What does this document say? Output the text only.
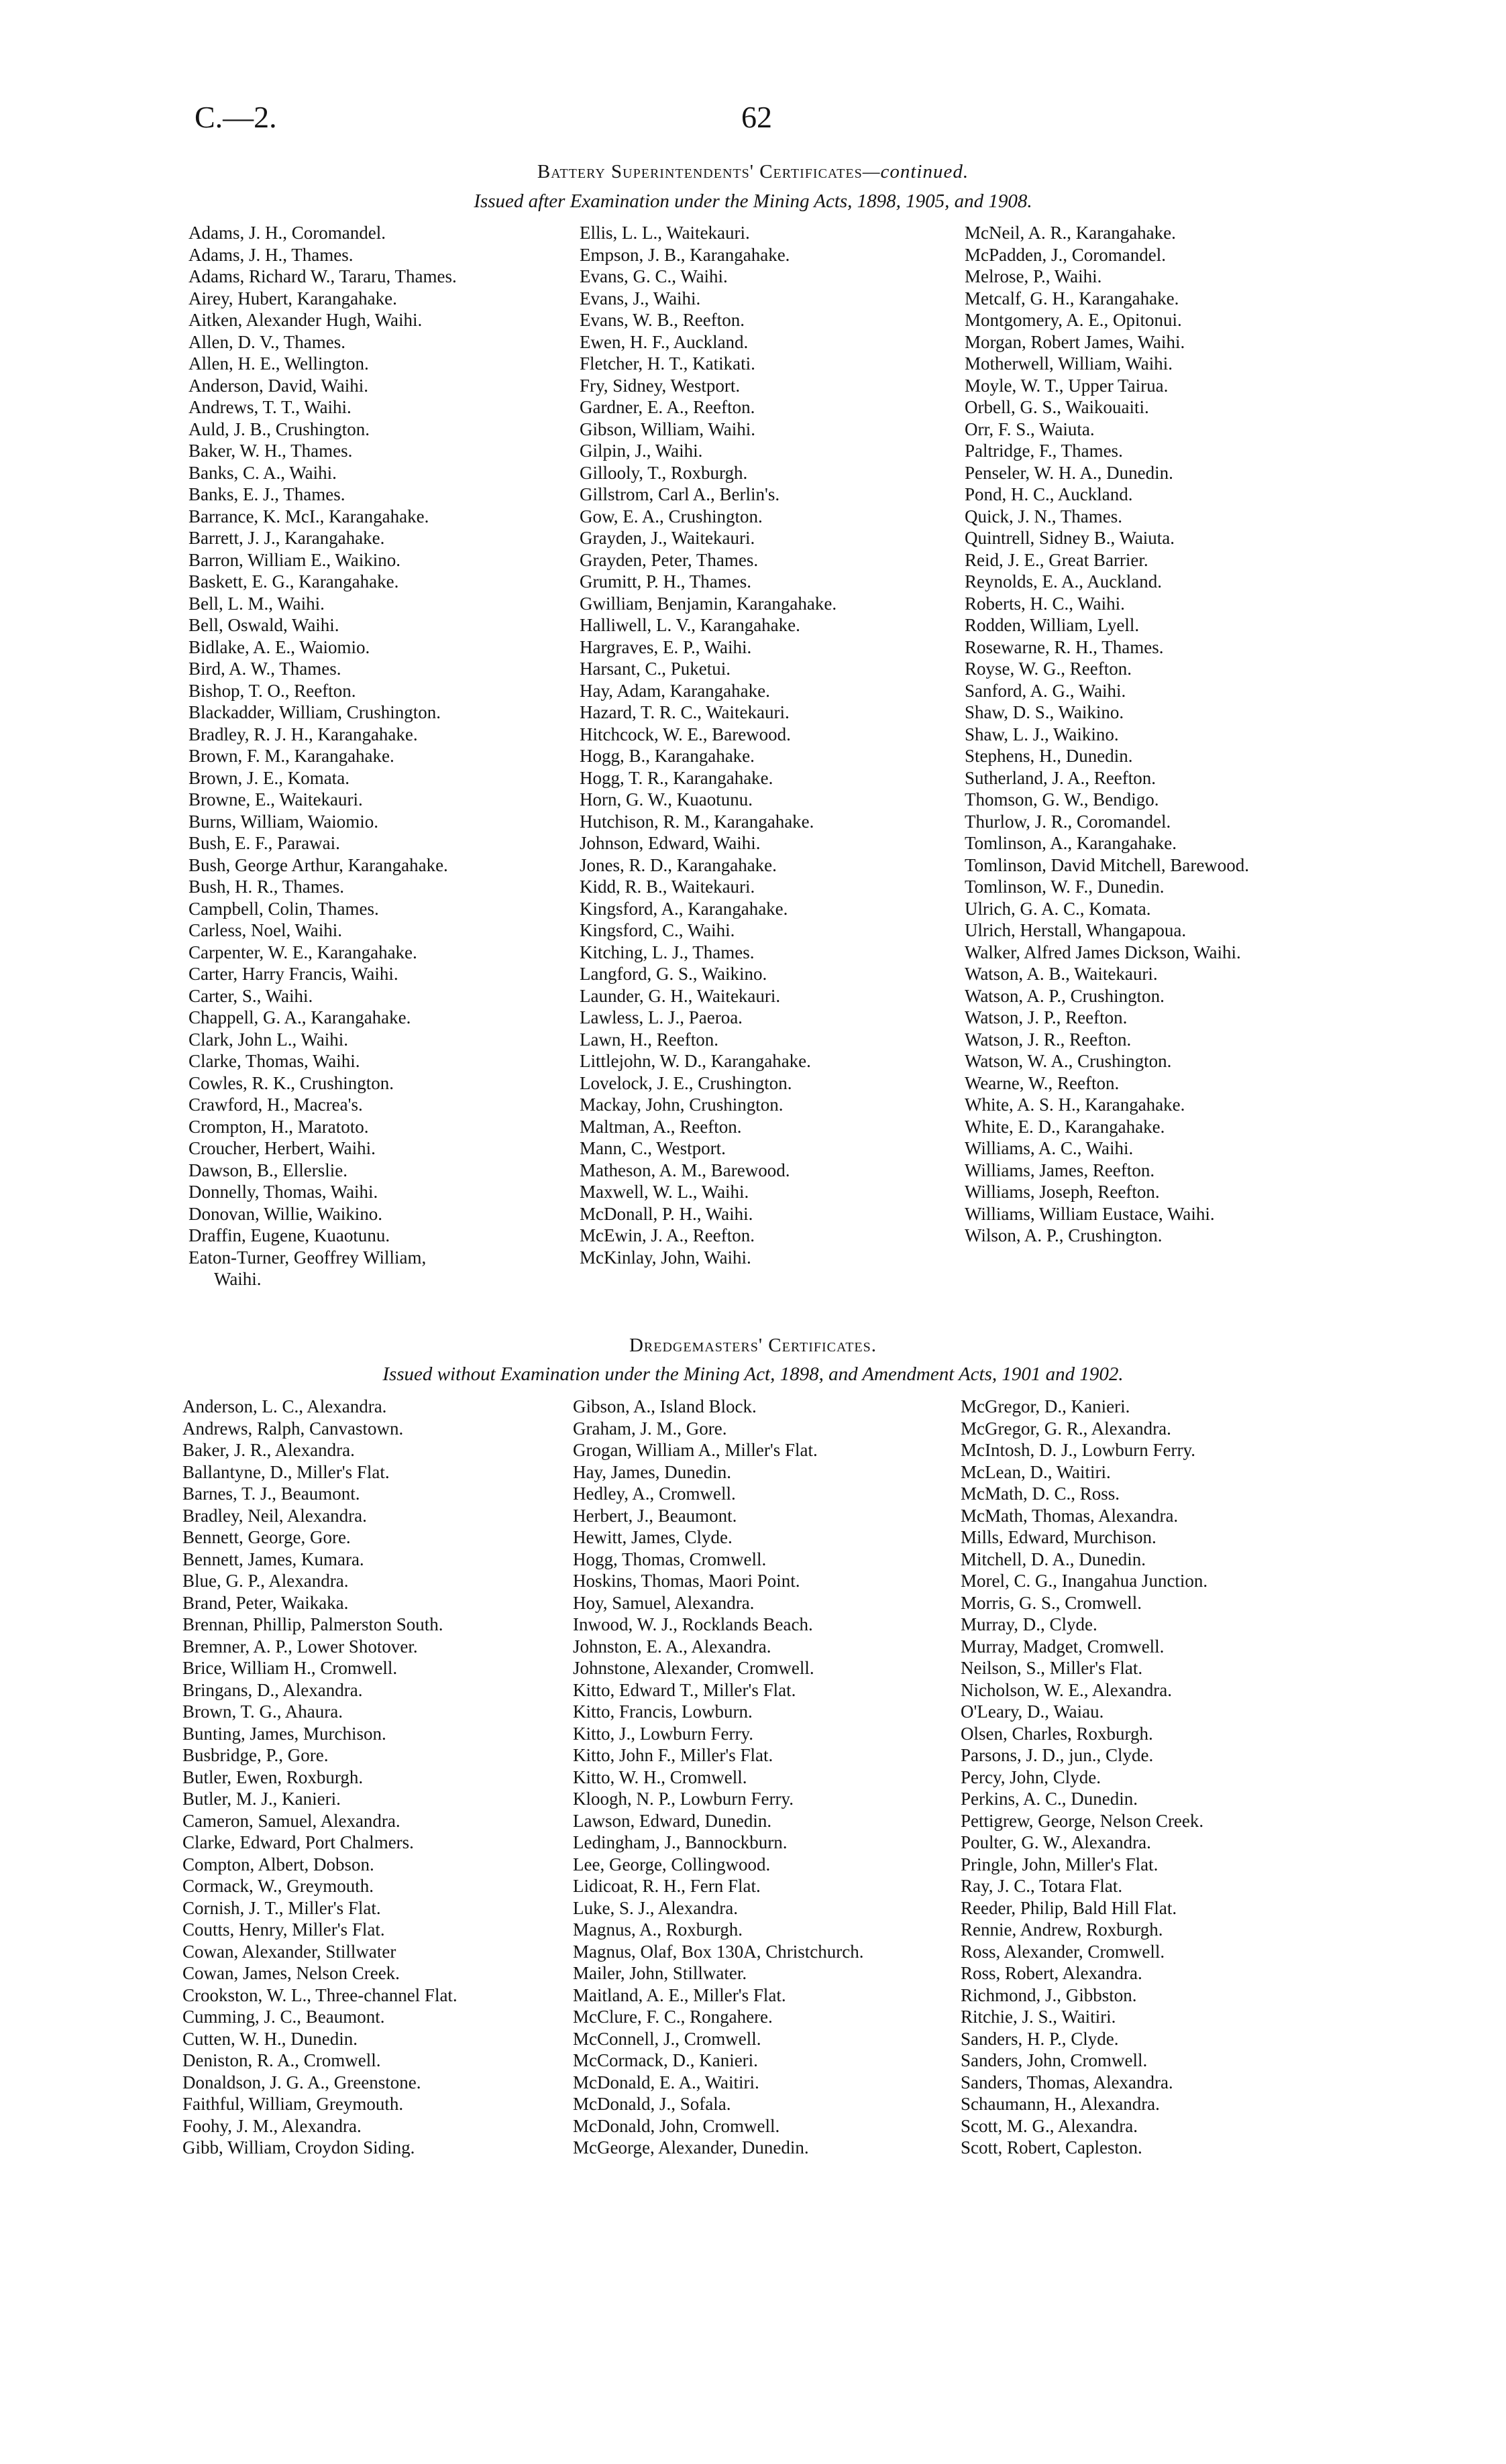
C.—2.	62
Battery Superintendents' Certificates—continued.
Issued after Examination under the Mining Acts, 1898, 1905, and 1908.
Adams, J. H., Coromandel.
Adams, J. H., Thames.
Adams, Richard W., Tararu, Thames.
Airey, Hubert, Karangahake.
Aitken, Alexander Hugh, Waihi.
Allen, D. V., Thames.
Allen, H. E., Wellington.
Anderson, David, Waihi.
Andrews, T. T., Waihi.
Auld, J. B., Crushington.
Baker, W. H., Thames.
Banks, C. A., Waihi.
Banks, E. J., Thames.
Barrance, K. McI., Karangahake.
Barrett, J. J., Karangahake.
Barron, William E., Waikino.
Baskett, E. G., Karangahake.
Bell, L. M., Waihi.
Bell, Oswald, Waihi.
Bidlake, A. E., Waiomio.
Bird, A. W., Thames.
Bishop, T. O., Reefton.
Blackadder, William, Crushington.
Bradley, R. J. H., Karangahake.
Brown, F. M., Karangahake.
Brown, J. E., Komata.
Browne, E., Waitekauri.
Burns, William, Waiomio.
Bush, E. F., Parawai.
Bush, George Arthur, Karangahake.
Bush, H. R., Thames.
Campbell, Colin, Thames.
Carless, Noel, Waihi.
Carpenter, W. E., Karangahake.
Carter, Harry Francis, Waihi.
Carter, S., Waihi.
Chappell, G. A., Karangahake.
Clark, John L., Waihi.
Clarke, Thomas, Waihi.
Cowles, R. K., Crushington.
Crawford, H., Macrea's.
Crompton, H., Maratoto.
Croucher, Herbert, Waihi.
Dawson, B., Ellerslie.
Donnelly, Thomas, Waihi.
Donovan, Willie, Waikino.
Draffin, Eugene, Kuaotunu.
Eaton-Turner, Geoffrey William,
Waihi.
Ellis, L. L., Waitekauri.
Empson, J. B., Karangahake.
Evans, G. C., Waihi.
Evans, J., Waihi.
Evans, W. B., Reefton.
Ewen, H. F., Auckland.
Fletcher, H. T., Katikati.
Fry, Sidney, Westport.
Gardner, E. A., Reefton.
Gibson, William, Waihi.
Gilpin, J., Waihi.
Gillooly, T., Roxburgh.
Gillstrom, Carl A., Berlin's.
Gow, E. A., Crushington.
Grayden, J., Waitekauri.
Grayden, Peter, Thames.
Grumitt, P. H., Thames.
Gwilliam, Benjamin, Karangahake.
Halliwell, L. V., Karangahake.
Hargraves, E. P., Waihi.
Harsant, C., Puketui.
Hay, Adam, Karangahake.
Hazard, T. R. C., Waitekauri.
Hitchcock, W. E., Barewood.
Hogg, B., Karangahake.
Hogg, T. R., Karangahake.
Horn, G. W., Kuaotunu.
Hutchison, R. M., Karangahake.
Johnson, Edward, Waihi.
Jones, R. D., Karangahake.
Kidd, R. B., Waitekauri.
Kingsford, A., Karangahake.
Kingsford, C., Waihi.
Kitching, L. J., Thames.
Langford, G. S., Waikino.
Launder, G. H., Waitekauri.
Lawless, L. J., Paeroa.
Lawn, H., Reefton.
Littlejohn, W. D., Karangahake.
Lovelock, J. E., Crushington.
Mackay, John, Crushington.
Maltman, A., Reefton.
Mann, C., Westport.
Matheson, A. M., Barewood.
Maxwell, W. L., Waihi.
McDonall, P. H., Waihi.
McEwin, J. A., Reefton.
McKinlay, John, Waihi.
McNeil, A. R., Karangahake.
McPadden, J., Coromandel.
Melrose, P., Waihi.
Metcalf, G. H., Karangahake.
Montgomery, A. E., Opitonui.
Morgan, Robert James, Waihi.
Motherwell, William, Waihi.
Moyle, W. T., Upper Tairua.
Orbell, G. S., Waikouaiti.
Orr, F. S., Waiuta.
Paltridge, F., Thames.
Penseler, W. H. A., Dunedin.
Pond, H. C., Auckland.
Quick, J. N., Thames.
Quintrell, Sidney B., Waiuta.
Reid, J. E., Great Barrier.
Reynolds, E. A., Auckland.
Roberts, H. C., Waihi.
Rodden, William, Lyell.
Rosewarne, R. H., Thames.
Royse, W. G., Reefton.
Sanford, A. G., Waihi.
Shaw, D. S., Waikino.
Shaw, L. J., Waikino.
Stephens, H., Dunedin.
Sutherland, J. A., Reefton.
Thomson, G. W., Bendigo.
Thurlow, J. R., Coromandel.
Tomlinson, A., Karangahake.
Tomlinson, David Mitchell, Barewood.
Tomlinson, W. F., Dunedin.
Ulrich, G. A. C., Komata.
Ulrich, Herstall, Whangapoua.
Walker, Alfred James Dickson, Waihi.
Watson, A. B., Waitekauri.
Watson, A. P., Crushington.
Watson, J. P., Reefton.
Watson, J. R., Reefton.
Watson, W. A., Crushington.
Wearne, W., Reefton.
White, A. S. H., Karangahake.
White, E. D., Karangahake.
Williams, A. C., Waihi.
Williams, James, Reefton.
Williams, Joseph, Reefton.
Williams, William Eustace, Waihi.
Wilson, A. P., Crushington.
Dredgemasters' Certificates.
Issued without Examination under the Mining Act, 1898, and Amendment Acts, 1901 and 1902.
Anderson, L. C., Alexandra.
Andrews, Ralph, Canvastown.
Baker, J. R., Alexandra.
Ballantyne, D., Miller's Flat.
Barnes, T. J., Beaumont.
Bradley, Neil, Alexandra.
Bennett, George, Gore.
Bennett, James, Kumara.
Blue, G. P., Alexandra.
Brand, Peter, Waikaka.
Brennan, Phillip, Palmerston South.
Bremner, A. P., Lower Shotover.
Brice, William H., Cromwell.
Bringans, D., Alexandra.
Brown, T. G., Ahaura.
Bunting, James, Murchison.
Busbridge, P., Gore.
Butler, Ewen, Roxburgh.
Butler, M. J., Kanieri.
Cameron, Samuel, Alexandra.
Clarke, Edward, Port Chalmers.
Compton, Albert, Dobson.
Cormack, W., Greymouth.
Cornish, J. T., Miller's Flat.
Coutts, Henry, Miller's Flat.
Cowan, Alexander, Stillwater
Cowan, James, Nelson Creek.
Crookston, W. L., Three-channel Flat.
Cumming, J. C., Beaumont.
Cutten, W. H., Dunedin.
Deniston, R. A., Cromwell.
Donaldson, J. G. A., Greenstone.
Faithful, William, Greymouth.
Foohy, J. M., Alexandra.
Gibb, William, Croydon Siding.
Gibson, A., Island Block.
Graham, J. M., Gore.
Grogan, William A., Miller's Flat.
Hay, James, Dunedin.
Hedley, A., Cromwell.
Herbert, J., Beaumont.
Hewitt, James, Clyde.
Hogg, Thomas, Cromwell.
Hoskins, Thomas, Maori Point.
Hoy, Samuel, Alexandra.
Inwood, W. J., Rocklands Beach.
Johnston, E. A., Alexandra.
Johnstone, Alexander, Cromwell.
Kitto, Edward T., Miller's Flat.
Kitto, Francis, Lowburn.
Kitto, J., Lowburn Ferry.
Kitto, John F., Miller's Flat.
Kitto, W. H., Cromwell.
Kloogh, N. P., Lowburn Ferry.
Lawson, Edward, Dunedin.
Ledingham, J., Bannockburn.
Lee, George, Collingwood.
Lidicoat, R. H., Fern Flat.
Luke, S. J., Alexandra.
Magnus, A., Roxburgh.
Magnus, Olaf, Box 130A, Christchurch.
Mailer, John, Stillwater.
Maitland, A. E., Miller's Flat.
McClure, F. C., Rongahere.
McConnell, J., Cromwell.
McCormack, D., Kanieri.
McDonald, E. A., Waitiri.
McDonald, J., Sofala.
McDonald, John, Cromwell.
McGeorge, Alexander, Dunedin.
McGregor, D., Kanieri.
McGregor, G. R., Alexandra.
McIntosh, D. J., Lowburn Ferry.
McLean, D., Waitiri.
McMath, D. C., Ross.
McMath, Thomas, Alexandra.
Mills, Edward, Murchison.
Mitchell, D. A., Dunedin.
Morel, C. G., Inangahua Junction.
Morris, G. S., Cromwell.
Murray, D., Clyde.
Murray, Madget, Cromwell.
Neilson, S., Miller's Flat.
Nicholson, W. E., Alexandra.
O'Leary, D., Waiau.
Olsen, Charles, Roxburgh.
Parsons, J. D., jun., Clyde.
Percy, John, Clyde.
Perkins, A. C., Dunedin.
Pettigrew, George, Nelson Creek.
Poulter, G. W., Alexandra.
Pringle, John, Miller's Flat.
Ray, J. C., Totara Flat.
Reeder, Philip, Bald Hill Flat.
Rennie, Andrew, Roxburgh.
Ross, Alexander, Cromwell.
Ross, Robert, Alexandra.
Richmond, J., Gibbston.
Ritchie, J. S., Waitiri.
Sanders, H. P., Clyde.
Sanders, John, Cromwell.
Sanders, Thomas, Alexandra.
Schaumann, H., Alexandra.
Scott, M. G., Alexandra.
Scott, Robert, Capleston.
